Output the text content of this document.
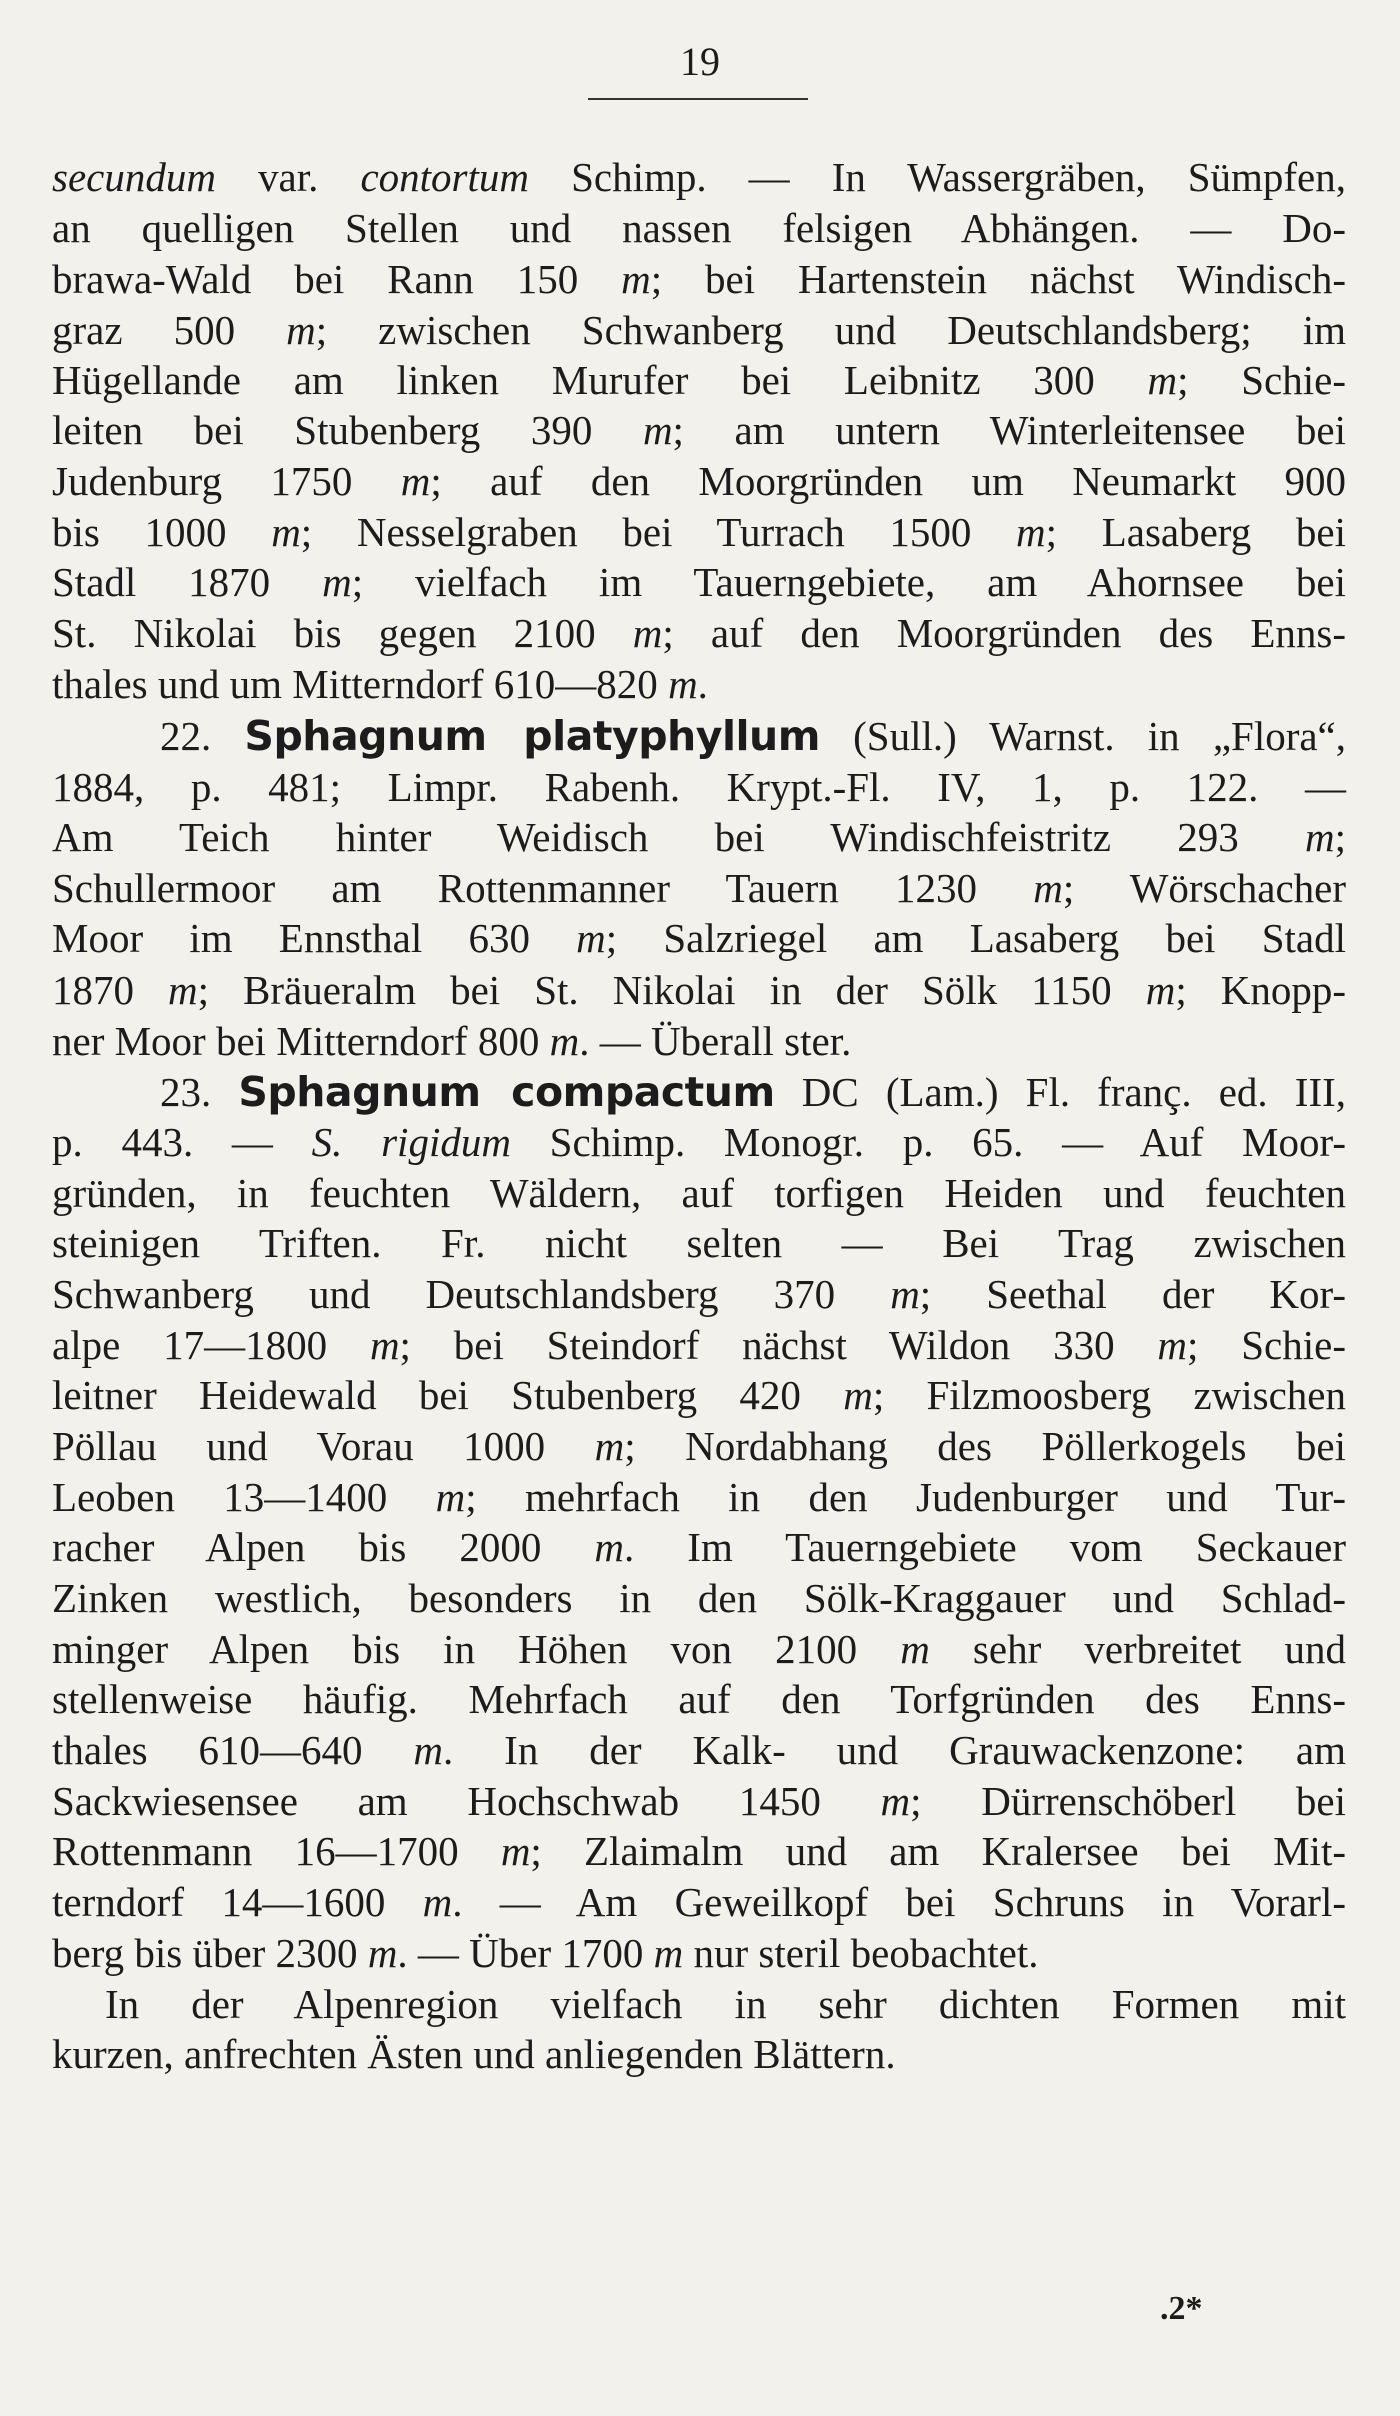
19
secundum var. contortum Schimp. — In Wassergräben, Sümpfen,
an quelligen Stellen und nassen felsigen Abhängen. — Do-
brawa-Wald bei Rann 150 m; bei Hartenstein nächst Windisch-
graz 500 m; zwischen Schwanberg und Deutschlandsberg; im
Hügellande am linken Murufer bei Leibnitz 300 m; Schie-
leiten bei Stubenberg 390 m; am untern Winterleitensee bei
Judenburg 1750 m; auf den Moorgründen um Neumarkt 900
bis 1000 m; Nesselgraben bei Turrach 1500 m; Lasaberg bei
Stadl 1870 m; vielfach im Tauerngebiete, am Ahornsee bei
St. Nikolai bis gegen 2100 m; auf den Moorgründen des Enns-
thales und um Mitterndorf 610—820 m.
22. Sphagnum platyphyllum (Sull.) Warnst. in „Flora“,
1884, p. 481; Limpr. Rabenh. Krypt.-Fl. IV, 1, p. 122. —
Am Teich hinter Weidisch bei Windischfeistritz 293 m;
Schullermoor am Rottenmanner Tauern 1230 m; Wörschacher
Moor im Ennsthal 630 m; Salzriegel am Lasaberg bei Stadl
1870 m; Bräueralm bei St. Nikolai in der Sölk 1150 m; Knopp-
ner Moor bei Mitterndorf 800 m. — Überall ster.
23. Sphagnum compactum DC (Lam.) Fl. franç. ed. III,
p. 443. — S. rigidum Schimp. Monogr. p. 65. — Auf Moor-
gründen, in feuchten Wäldern, auf torfigen Heiden und feuchten
steinigen Triften. Fr. nicht selten — Bei Trag zwischen
Schwanberg und Deutschlandsberg 370 m; Seethal der Kor-
alpe 17—1800 m; bei Steindorf nächst Wildon 330 m; Schie-
leitner Heidewald bei Stubenberg 420 m; Filzmoosberg zwischen
Pöllau und Vorau 1000 m; Nordabhang des Pöllerkogels bei
Leoben 13—1400 m; mehrfach in den Judenburger und Tur-
racher Alpen bis 2000 m. Im Tauerngebiete vom Seckauer
Zinken westlich, besonders in den Sölk-Kraggauer und Schlad-
minger Alpen bis in Höhen von 2100 m sehr verbreitet und
stellenweise häufig. Mehrfach auf den Torfgründen des Enns-
thales 610—640 m. In der Kalk- und Grauwackenzone: am
Sackwiesensee am Hochschwab 1450 m; Dürrenschöberl bei
Rottenmann 16—1700 m; Zlaimalm und am Kralersee bei Mit-
terndorf 14—1600 m. — Am Geweilkopf bei Schruns in Vorarl-
berg bis über 2300 m. — Über 1700 m nur steril beobachtet.
In der Alpenregion vielfach in sehr dichten Formen mit
kurzen, anfrechten Ästen und anliegenden Blättern.
.2*
